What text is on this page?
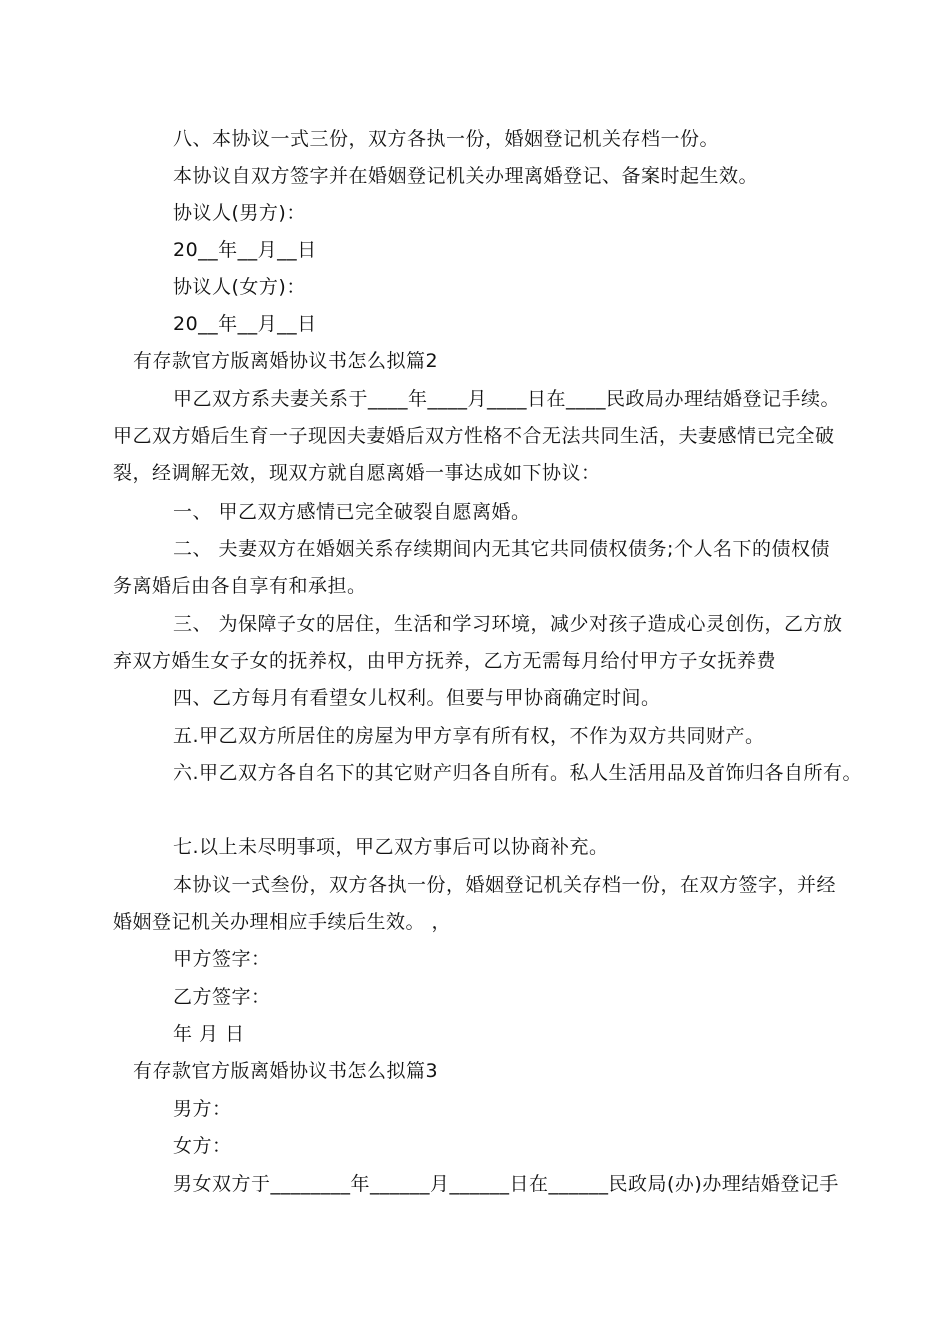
八、本协议一式三份，双方各执一份，婚姻登记机关存档一份。
本协议自双方签字并在婚姻登记机关办理离婚登记、备案时起生效。
协议人(男方)：
20__年__月__日
协议人(女方)：
20__年__月__日
有存款官方版离婚协议书怎么拟篇2
甲乙双方系夫妻关系于____年____月____日在____民政局办理结婚登记手续。
甲乙双方婚后生育一子现因夫妻婚后双方性格不合无法共同生活，夫妻感情已完全破
裂，经调解无效，现双方就自愿离婚一事达成如下协议：
一、 甲乙双方感情已完全破裂自愿离婚。
二、 夫妻双方在婚姻关系存续期间内无其它共同债权债务;个人名下的债权债
务离婚后由各自享有和承担。
三、 为保障子女的居住，生活和学习环境，减少对孩子造成心灵创伤，乙方放
弃双方婚生女子女的抚养权，由甲方抚养，乙方无需每月给付甲方子女抚养费
四、乙方每月有看望女儿权利。但要与甲协商确定时间。
五.甲乙双方所居住的房屋为甲方享有所有权，不作为双方共同财产。
六.甲乙双方各自名下的其它财产归各自所有。私人生活用品及首饰归各自所有。
七.以上未尽明事项，甲乙双方事后可以协商补充。
本协议一式叁份，双方各执一份，婚姻登记机关存档一份，在双方签字，并经
婚姻登记机关办理相应手续后生效。 ，
甲方签字：
乙方签字：
年 月 日
有存款官方版离婚协议书怎么拟篇3
男方：
女方：
男女双方于________年______月______日在______民政局(办)办理结婚登记手
